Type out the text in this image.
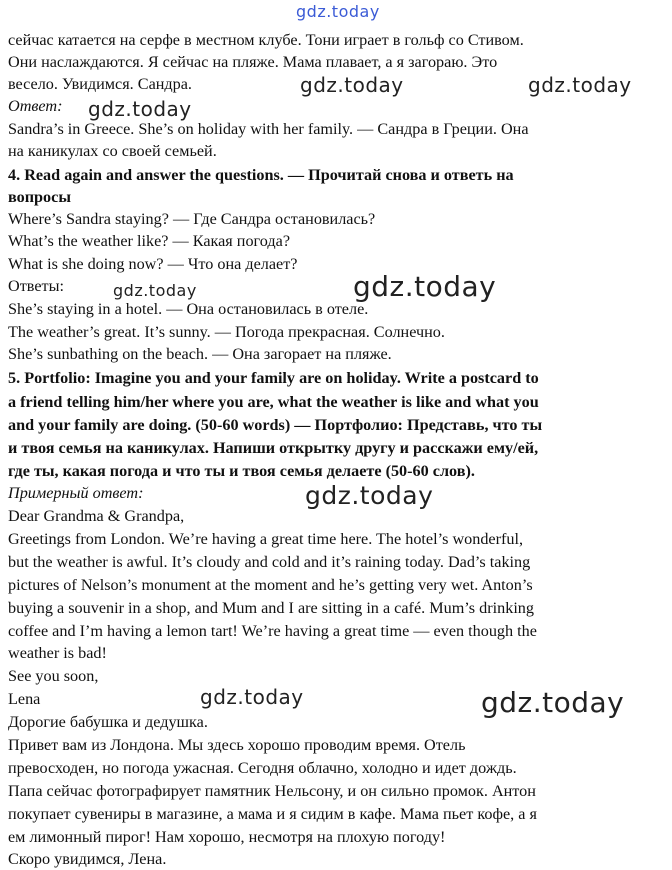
сейчас катается на серфе в местном клубе. Тони играет в гольф со Стивом.
Они наслаждаются. Я сейчас на пляже. Мама плавает, а я загораю. Это
весело. Увидимся. Сандра.
Ответ:
Sandra’s in Greece. She’s on holiday with her family. — Сандра в Греции. Она
на каникулах со своей семьей.
4. Read again and answer the questions. — Прочитай снова и ответь на
вопросы
Where’s Sandra staying? — Где Сандра остановилась?
What’s the weather like? — Какая погода?
What is she doing now? — Что она делает?
Ответы:
She’s staying in a hotel. — Она остановилась в отеле.
The weather’s great. It’s sunny. — Погода прекрасная. Солнечно.
She’s sunbathing on the beach. — Она загорает на пляже.
5. Portfolio: Imagine you and your family are on holiday. Write a postcard to
a friend telling him/her where you are, what the weather is like and what you
and your family are doing. (50-60 words) — Портфолио: Представь, что ты
и твоя семья на каникулах. Напиши открытку другу и расскажи ему/ей,
где ты, какая погода и что ты и твоя семья делаете (50-60 слов).
Примерный ответ:
Dear Grandma & Grandpa,
Greetings from London. We’re having a great time here. The hotel’s wonderful,
but the weather is awful. It’s cloudy and cold and it’s raining today. Dad’s taking
pictures of Nelson’s monument at the moment and he’s getting very wet. Anton’s
buying a souvenir in a shop, and Mum and I are sitting in a café. Mum’s drinking
coffee and I’m having a lemon tart! We’re having a great time — even though the
weather is bad!
See you soon,
Lena
Дорогие бабушка и дедушка.
Привет вам из Лондона. Мы здесь хорошо проводим время. Отель
превосходен, но погода ужасная. Сегодня облачно, холодно и идет дождь.
Папа сейчас фотографирует памятник Нельсону, и он сильно промок. Антон
покупает сувениры в магазине, а мама и я сидим в кафе. Мама пьет кофе, а я
ем лимонный пирог! Нам хорошо, несмотря на плохую погоду!
Скоро увидимся, Лена.
gdz.today
gdz.today	gdz.today
gdz.today
gdz.today	gdz.today
gdz.today
gdz.today	gdz.today
